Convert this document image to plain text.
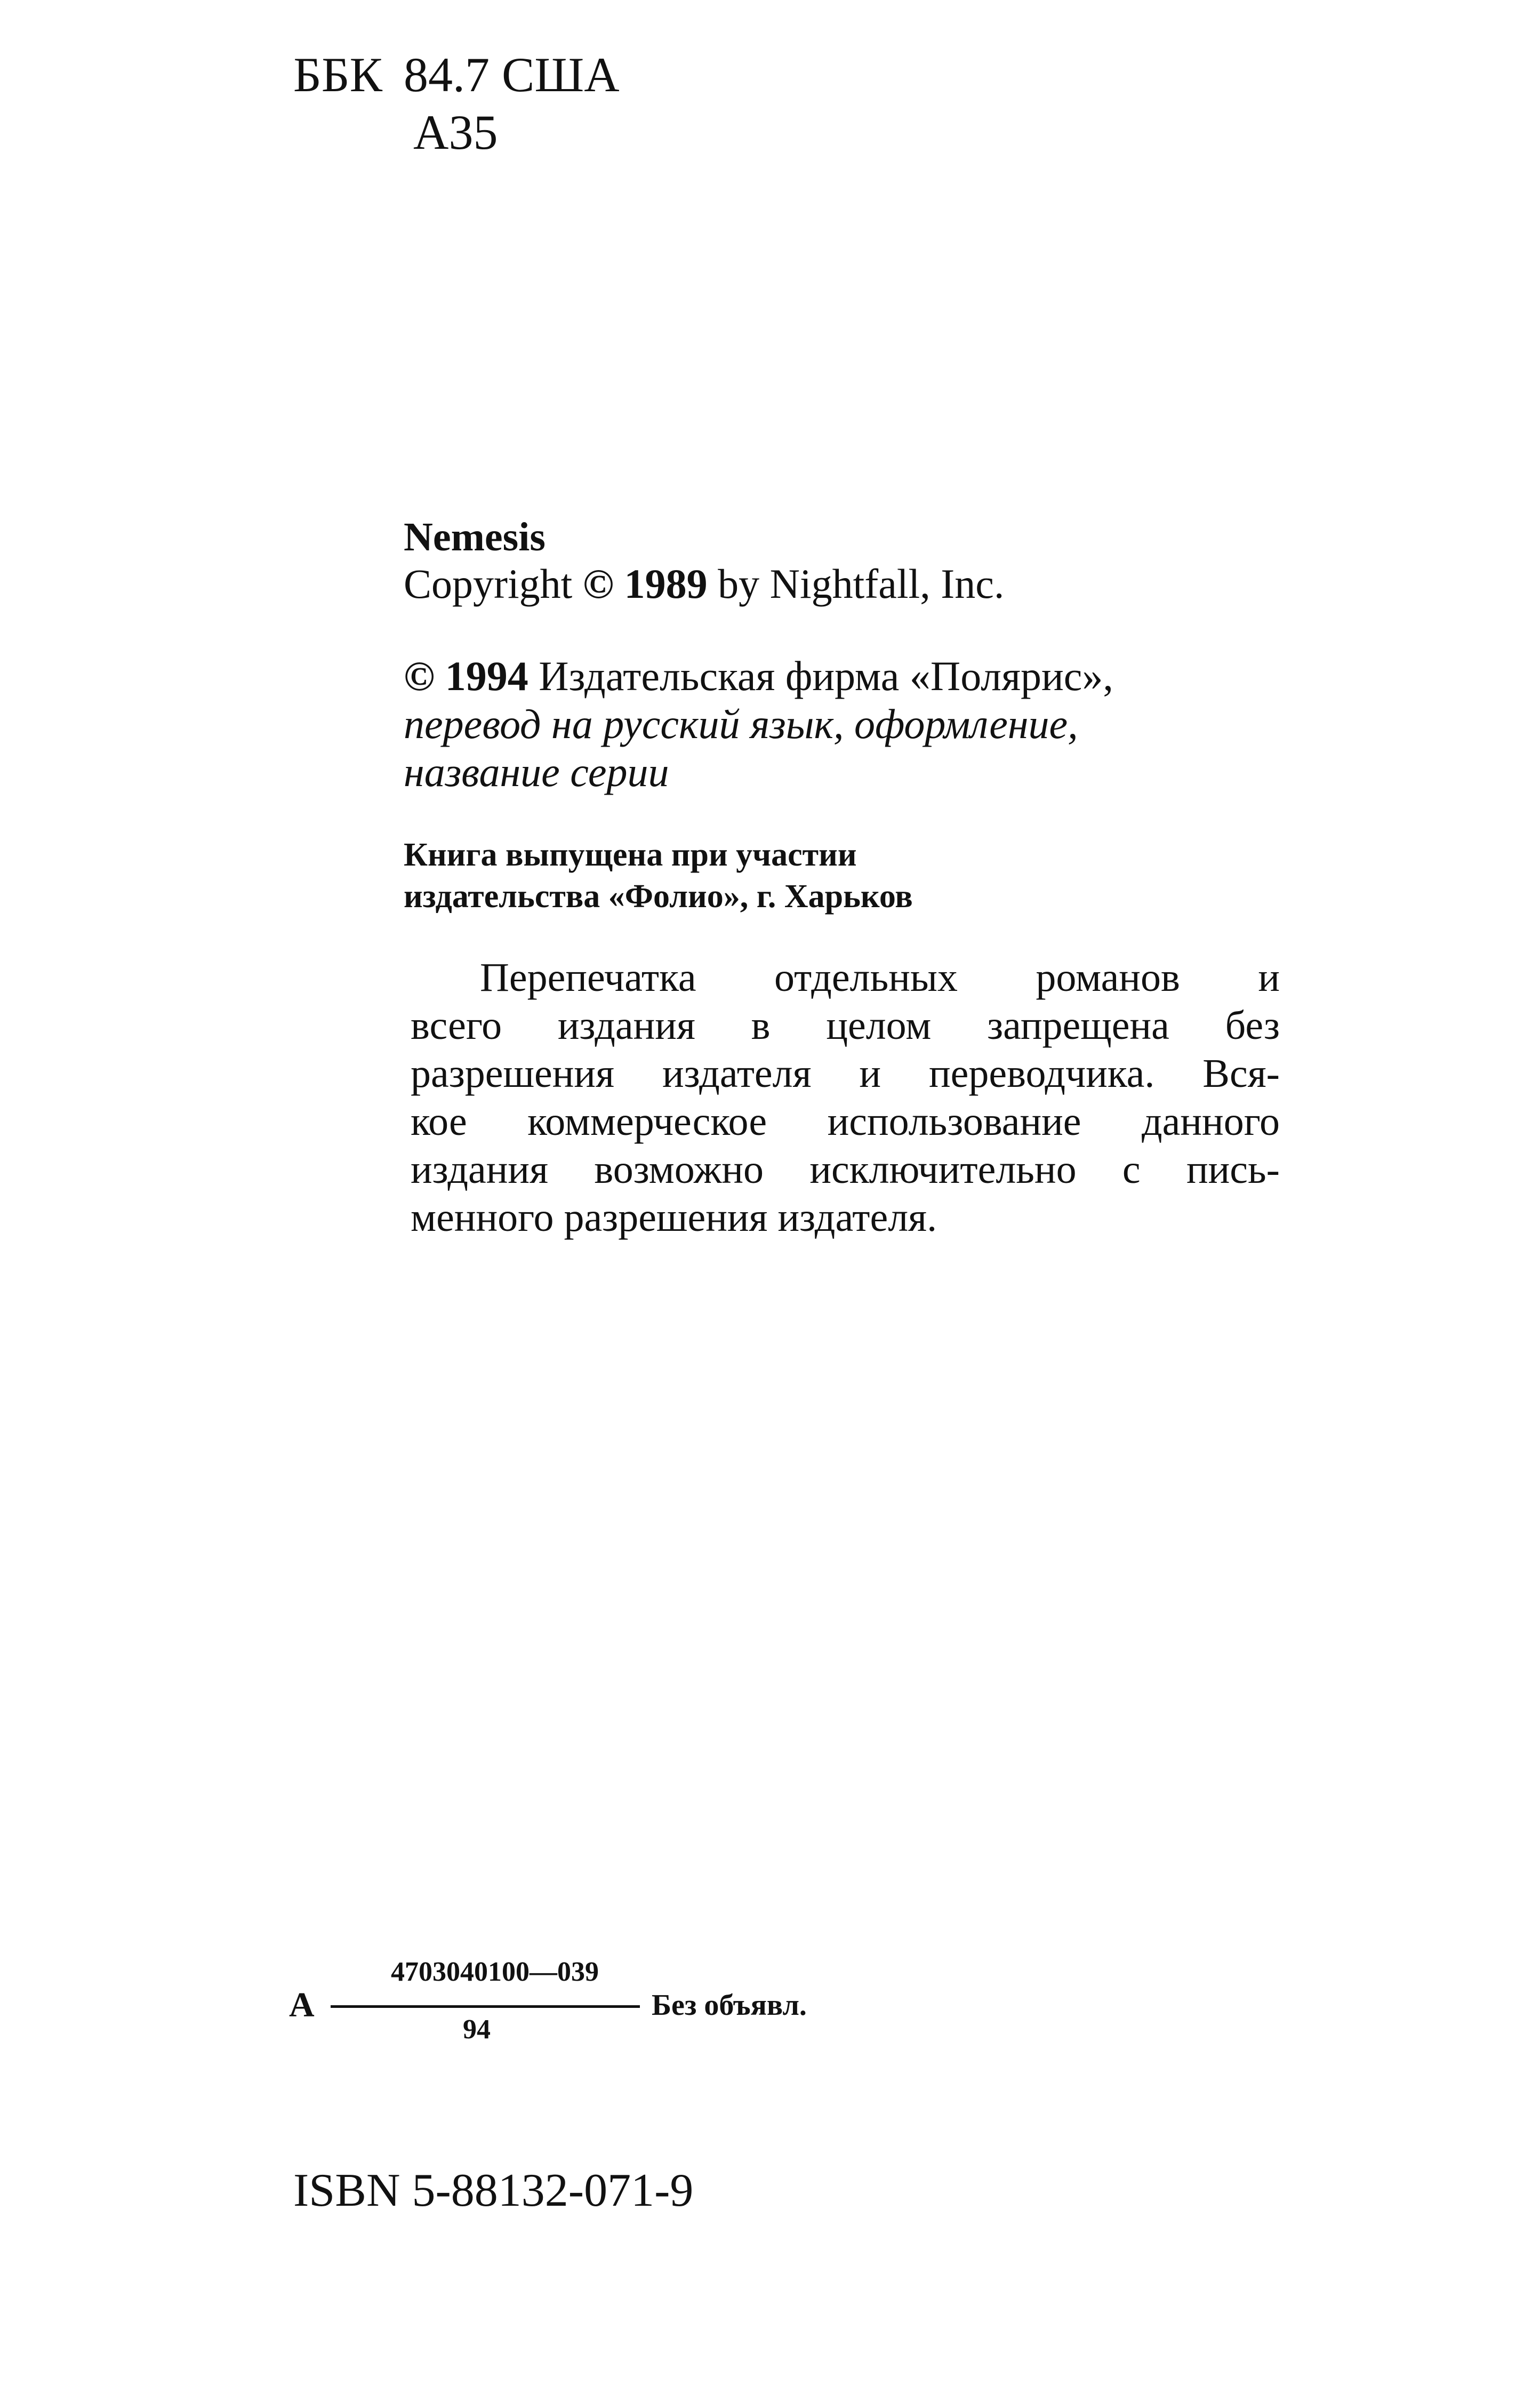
ББК 84.7 США
А35
Nemesis
Copyright © 1989 by Nightfall, Inc.
© 1994 Издательская фирма «Полярис»,
перевод на русский язык, оформление,
название серии
Книга выпущена при участии
издательства «Фолио», г. Харьков
Перепечатка отдельных романов и
всего издания в целом запрещена без
разрешения издателя и переводчика. Вся-
кое коммерческое использование данного
издания возможно исключительно с пись-
менного разрешения издателя.
А
4703040100—039
94
Без объявл.
ISBN 5-88132-071-9
